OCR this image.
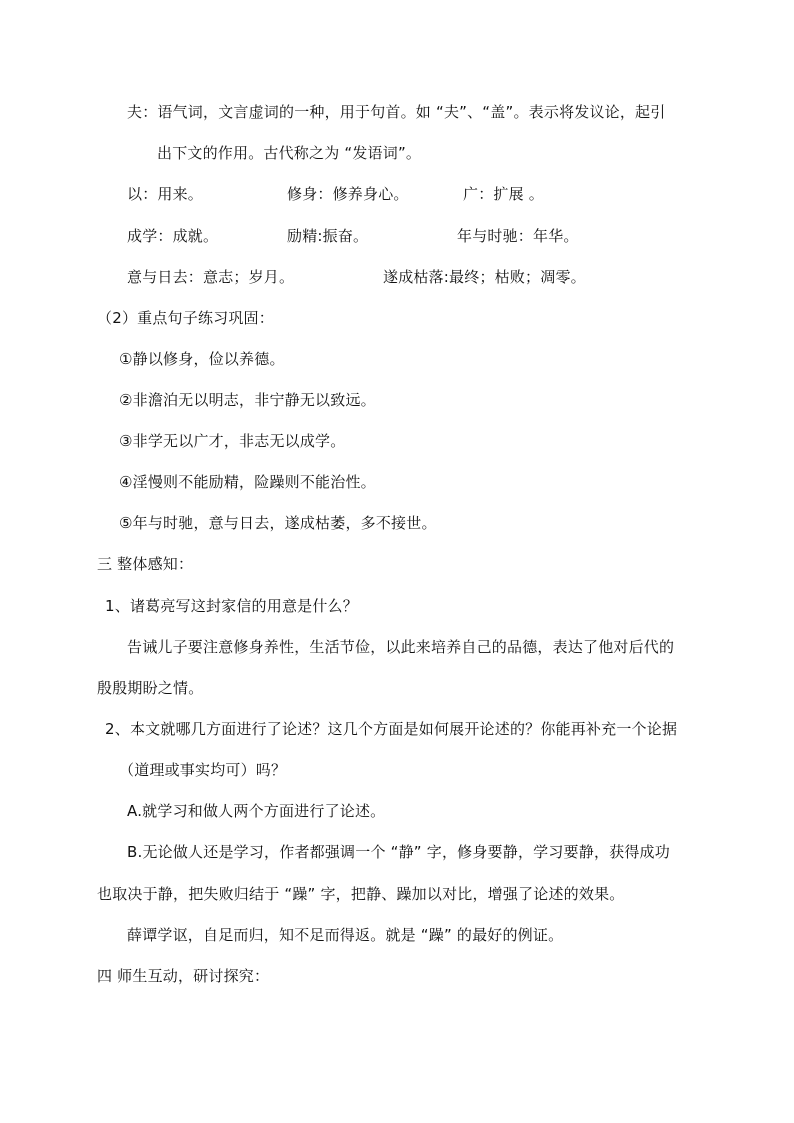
夫：语气词，文言虚词的一种，用于句首。如 “夫”、“盖”。表示将发议论，起引
出下文的作用。古代称之为 “发语词”。
以：用来。	修身：修养身心。	广：扩展 。
成学：成就。	励精:振奋。	年与时驰：年华。
意与日去：意志；岁月。	遂成枯落:最终；枯败；凋零。
（2）重点句子练习巩固：
①静以修身，俭以养德。
②非澹泊无以明志，非宁静无以致远。
③非学无以广才，非志无以成学。
④淫慢则不能励精，险躁则不能治性。
⑤年与时驰，意与日去，遂成枯萎，多不接世。
三 整体感知：
1、诸葛亮写这封家信的用意是什么？
告诫儿子要注意修身养性，生活节俭，以此来培养自己的品德，表达了他对后代的
殷殷期盼之情。
2、本文就哪几方面进行了论述？这几个方面是如何展开论述的？你能再补充一个论据
（道理或事实均可）吗？
A.就学习和做人两个方面进行了论述。
B.无论做人还是学习，作者都强调一个 “静” 字，修身要静，学习要静，获得成功
也取决于静，把失败归结于 “躁” 字，把静、躁加以对比，增强了论述的效果。
薛谭学讴，自足而归，知不足而得返。就是 “躁” 的最好的例证。
四 师生互动，研讨探究：
